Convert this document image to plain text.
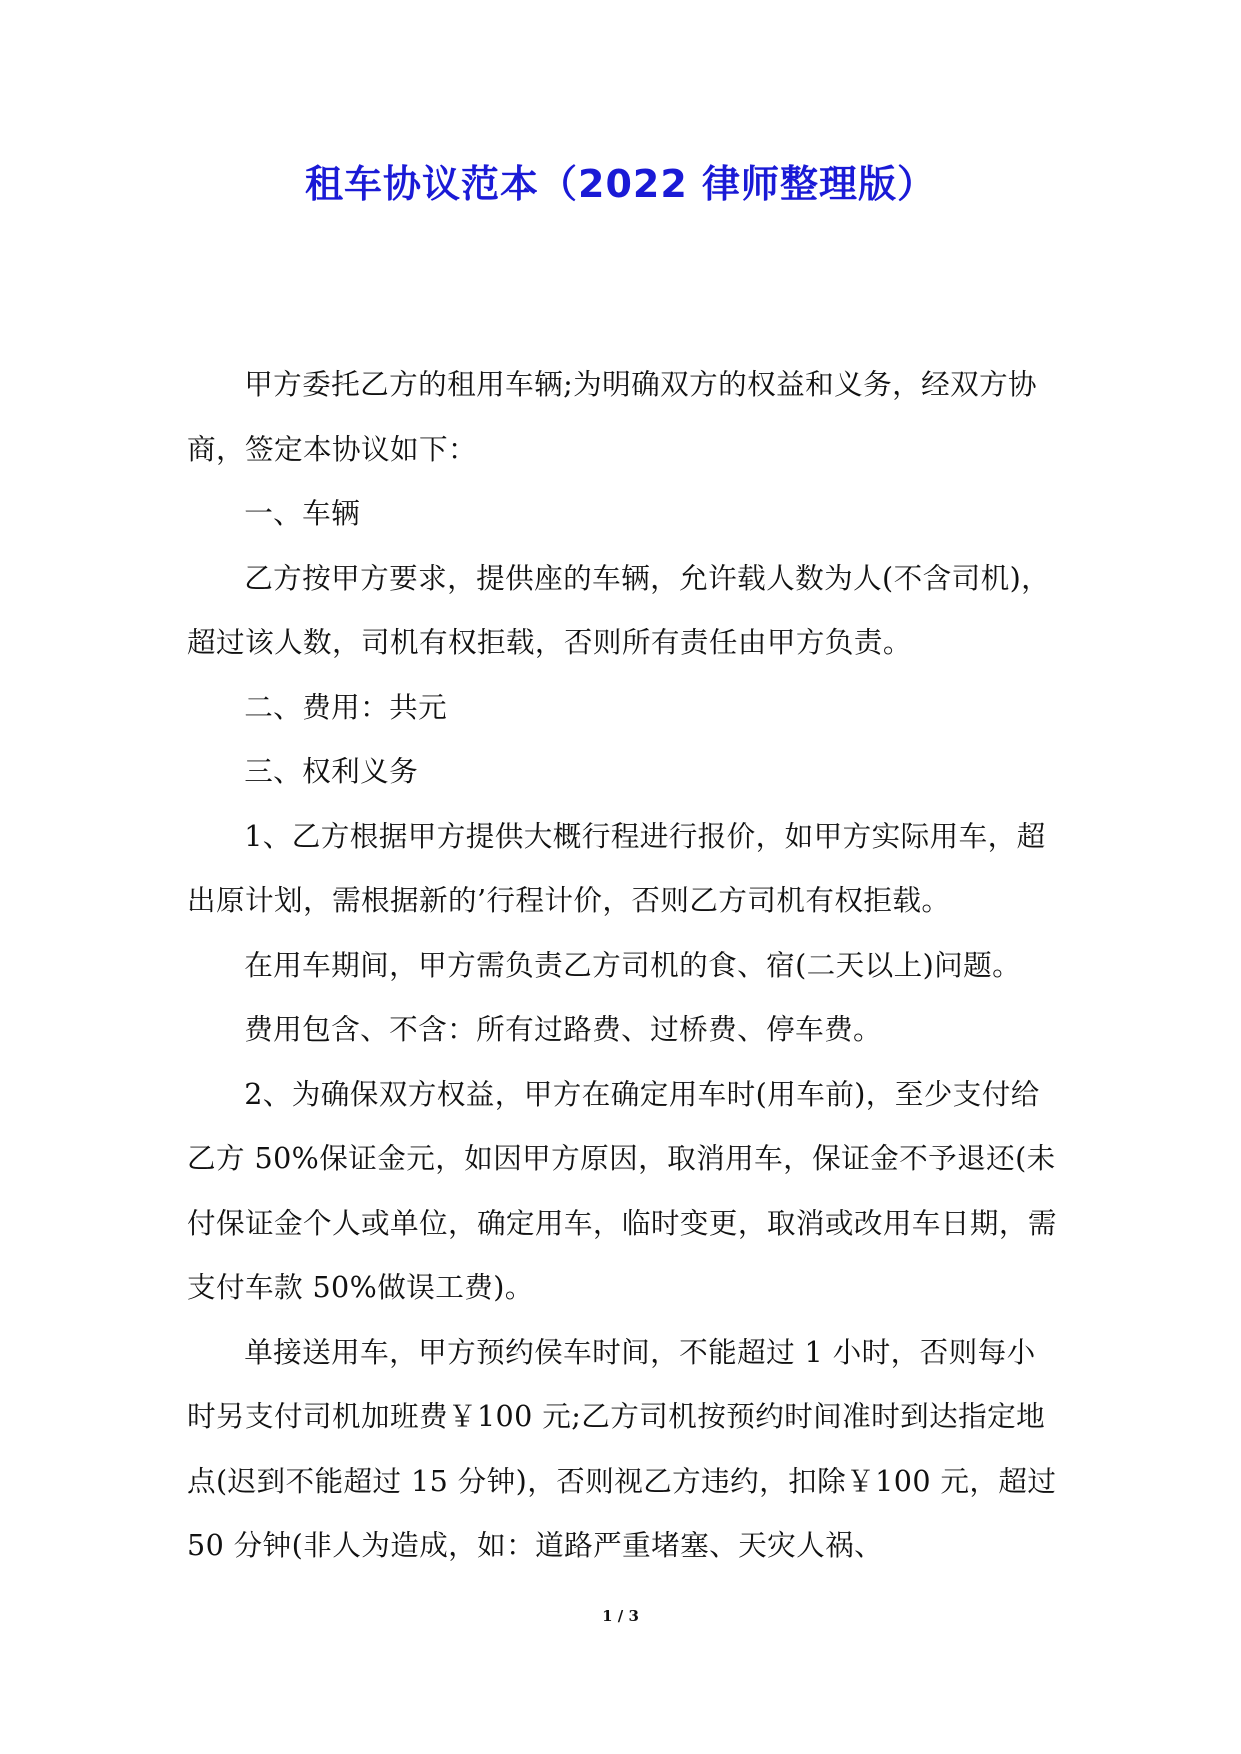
租车协议范本（2022 律师整理版）

甲方委托乙方的租用车辆;为明确双方的权益和义务，经双方协商，签定本协议如下：

一、车辆

乙方按甲方要求，提供座的车辆，允许载人数为人(不含司机)，超过该人数，司机有权拒载，否则所有责任由甲方负责。

二、费用：共元

三、权利义务

1、乙方根据甲方提供大概行程进行报价，如甲方实际用车，超出原计划，需根据新的’行程计价，否则乙方司机有权拒载。

在用车期间，甲方需负责乙方司机的食、宿(二天以上)问题。

费用包含、不含：所有过路费、过桥费、停车费。

2、为确保双方权益，甲方在确定用车时(用车前)，至少支付给乙方 50%保证金元，如因甲方原因，取消用车，保证金不予退还(未付保证金个人或单位，确定用车，临时变更，取消或改用车日期，需支付车款 50%做误工费)。

单接送用车，甲方预约侯车时间，不能超过 1 小时，否则每小时另支付司机加班费￥100 元;乙方司机按预约时间准时到达指定地点(迟到不能超过 15 分钟)，否则视乙方违约，扣除￥100 元，超过 50 分钟(非人为造成，如：道路严重堵塞、天灾人祸、

1 / 3
